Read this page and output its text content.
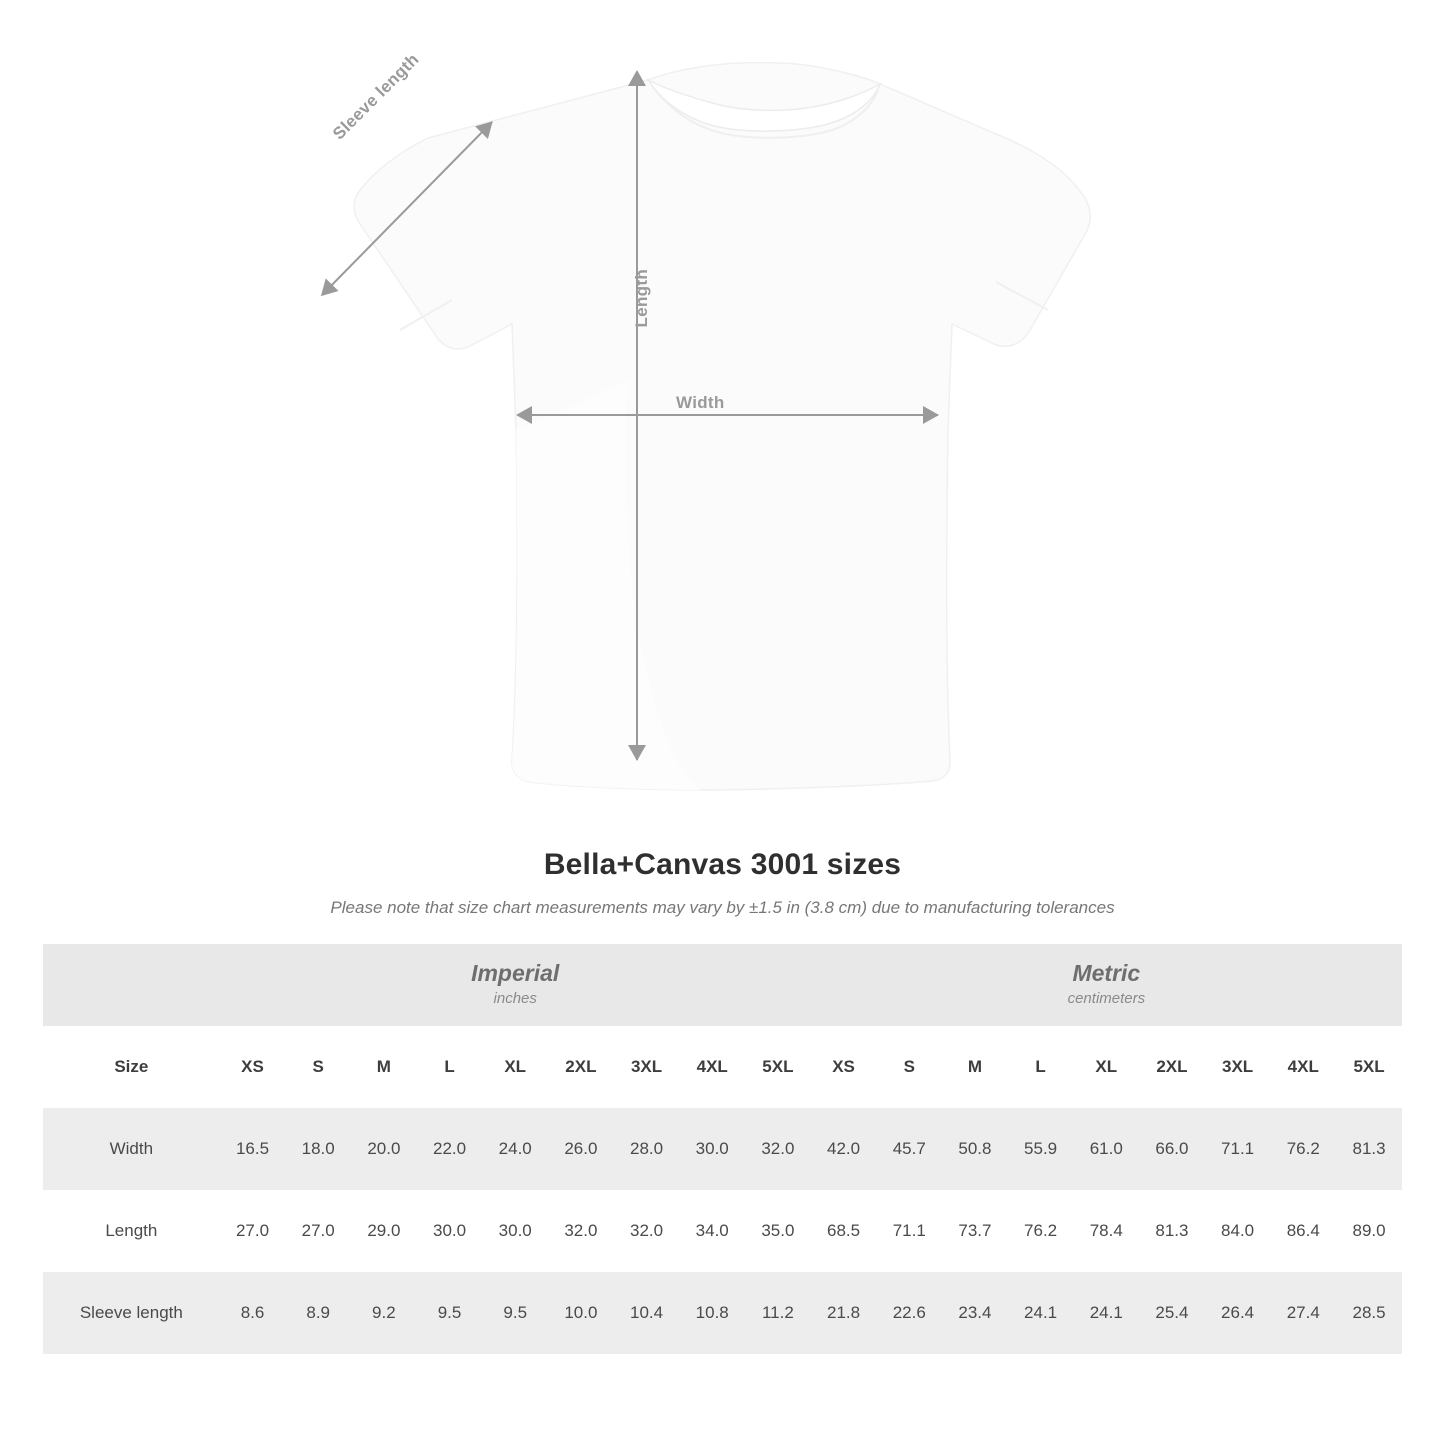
Width
Length
Sleeve length
Bella+Canvas 3001 sizes
Please note that size chart measurements may vary by ±1.5 in (3.8 cm) due to manufacturing tolerances

	Imperial
inches									Metric
centimeters								

Size	XS	S	M	L	XL	2XL	3XL	4XL	5XL	XS	S	M	L	XL	2XL	3XL	4XL	5XL
Width	16.5	18.0	20.0	22.0	24.0	26.0	28.0	30.0	32.0	42.0	45.7	50.8	55.9	61.0	66.0	71.1	76.2	81.3
Length	27.0	27.0	29.0	30.0	30.0	32.0	32.0	34.0	35.0	68.5	71.1	73.7	76.2	78.4	81.3	84.0	86.4	89.0
Sleeve length	8.6	8.9	9.2	9.5	9.5	10.0	10.4	10.8	11.2	21.8	22.6	23.4	24.1	24.1	25.4	26.4	27.4	28.5
